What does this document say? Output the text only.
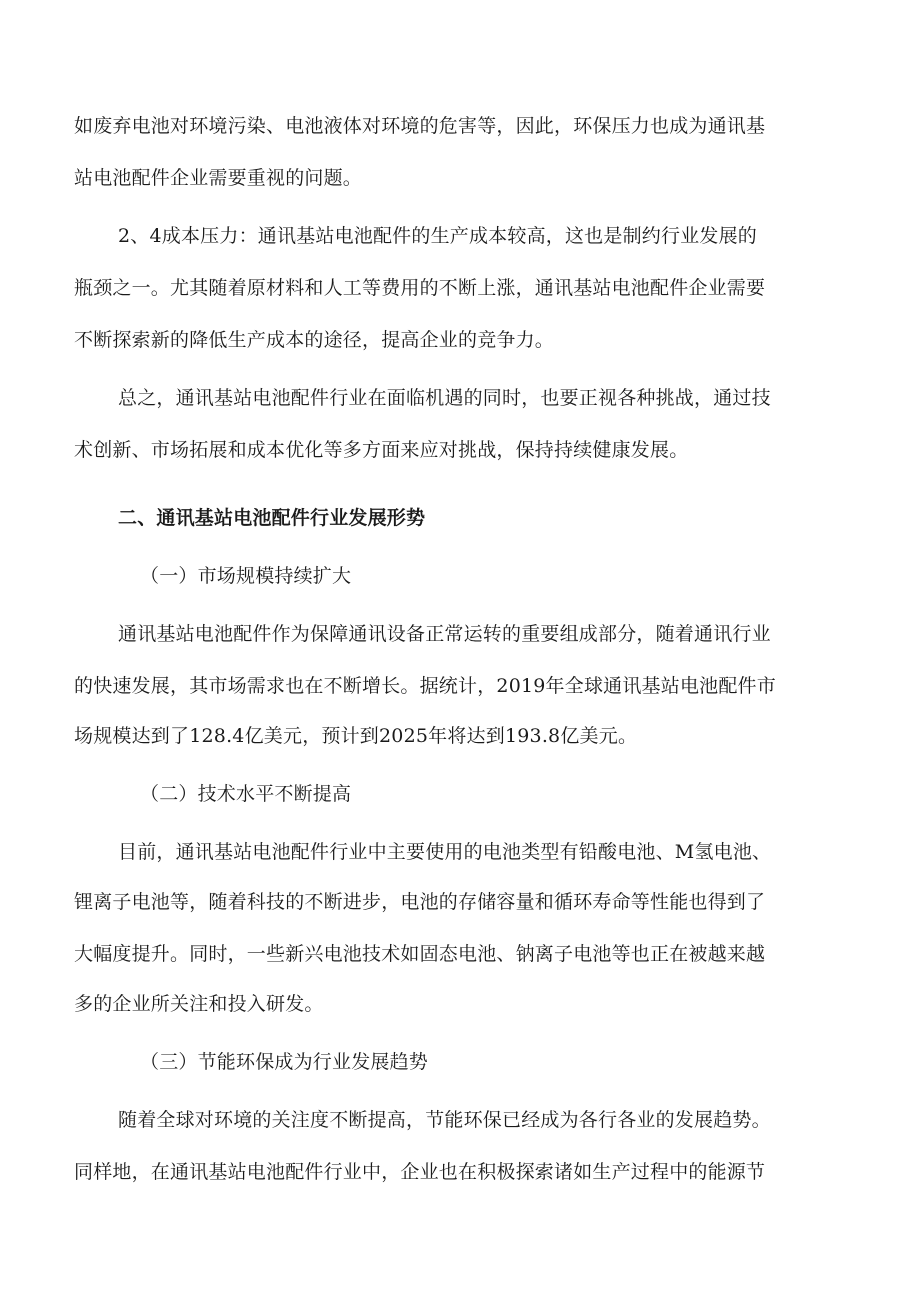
如废弃电池对环境污染、电池液体对环境的危害等，因此，环保压力也成为通讯基
站电池配件企业需要重视的问题。
2、4成本压力：通讯基站电池配件的生产成本较高，这也是制约行业发展的
瓶颈之一。尤其随着原材料和人工等费用的不断上涨，通讯基站电池配件企业需要
不断探索新的降低生产成本的途径，提高企业的竞争力。
总之，通讯基站电池配件行业在面临机遇的同时，也要正视各种挑战，通过技
术创新、市场拓展和成本优化等多方面来应对挑战，保持持续健康发展。
二、通讯基站电池配件行业发展形势
（一）市场规模持续扩大
通讯基站电池配件作为保障通讯设备正常运转的重要组成部分，随着通讯行业
的快速发展，其市场需求也在不断增长。据统计，2019年全球通讯基站电池配件市
场规模达到了128.4亿美元，预计到2025年将达到193.8亿美元。
（二）技术水平不断提高
目前，通讯基站电池配件行业中主要使用的电池类型有铅酸电池、M氢电池、
锂离子电池等，随着科技的不断进步，电池的存储容量和循环寿命等性能也得到了
大幅度提升。同时，一些新兴电池技术如固态电池、钠离子电池等也正在被越来越
多的企业所关注和投入研发。
（三）节能环保成为行业发展趋势
随着全球对环境的关注度不断提高，节能环保已经成为各行各业的发展趋势。
同样地，在通讯基站电池配件行业中，企业也在积极探索诸如生产过程中的能源节
